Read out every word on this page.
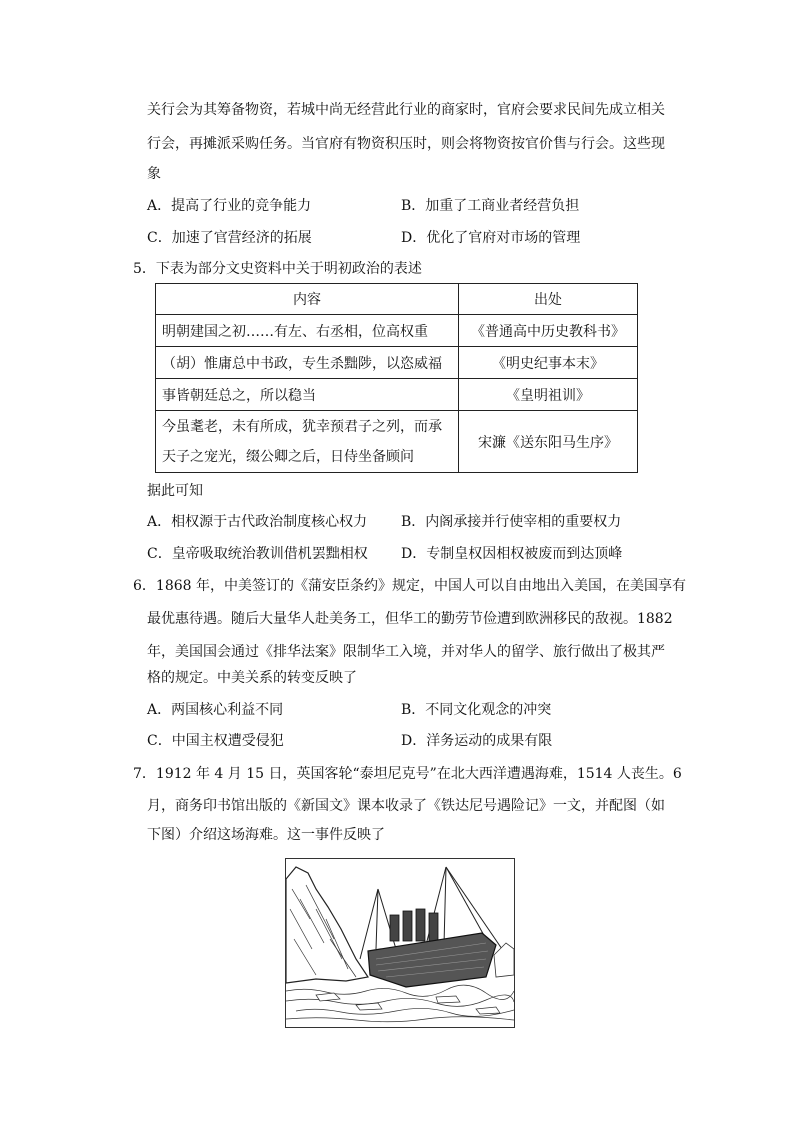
关行会为其筹备物资，若城中尚无经营此行业的商家时，官府会要求民间先成立相关
行会，再摊派采购任务。当官府有物资积压时，则会将物资按官价售与行会。这些现
象
A．提高了行业的竞争能力	B．加重了工商业者经营负担
C．加速了官营经济的拓展	D．优化了官府对市场的管理
5．下表为部分文史资料中关于明初政治的表述
内容	出处
明朝建国之初……有左、右丞相，位高权重	《普通高中历史教科书》
（胡）惟庸总中书政，专生杀黜陟，以恣威福	《明史纪事本末》
事皆朝廷总之，所以稳当	《皇明祖训》

今虽耄老，未有所成，犹幸预君子之列，而承
天子之宠光，缀公卿之后，日侍坐备顾问	宋濂《送东阳马生序》
据此可知
A．相权源于古代政治制度核心权力 B．内阁承接并行使宰相的重要权力
C．皇帝吸取统治教训借机罢黜相权 D．专制皇权因相权被废而到达顶峰
6．1868 年，中美签订的《蒲安臣条约》规定，中国人可以自由地出入美国，在美国享有
最优惠待遇。随后大量华人赴美务工，但华工的勤劳节俭遭到欧洲移民的敌视。1882
年，美国国会通过《排华法案》限制华工入境，并对华人的留学、旅行做出了极其严
格的规定。中美关系的转变反映了
A．两国核心利益不同	B．不同文化观念的冲突
C．中国主权遭受侵犯	D．洋务运动的成果有限
7．1912 年 4 月 15 日，英国客轮“泰坦尼克号”在北大西洋遭遇海难，1514 人丧生。6
月，商务印书馆出版的《新国文》课本收录了《铁达尼号遇险记》一文，并配图（如
下图）介绍这场海难。这一事件反映了
